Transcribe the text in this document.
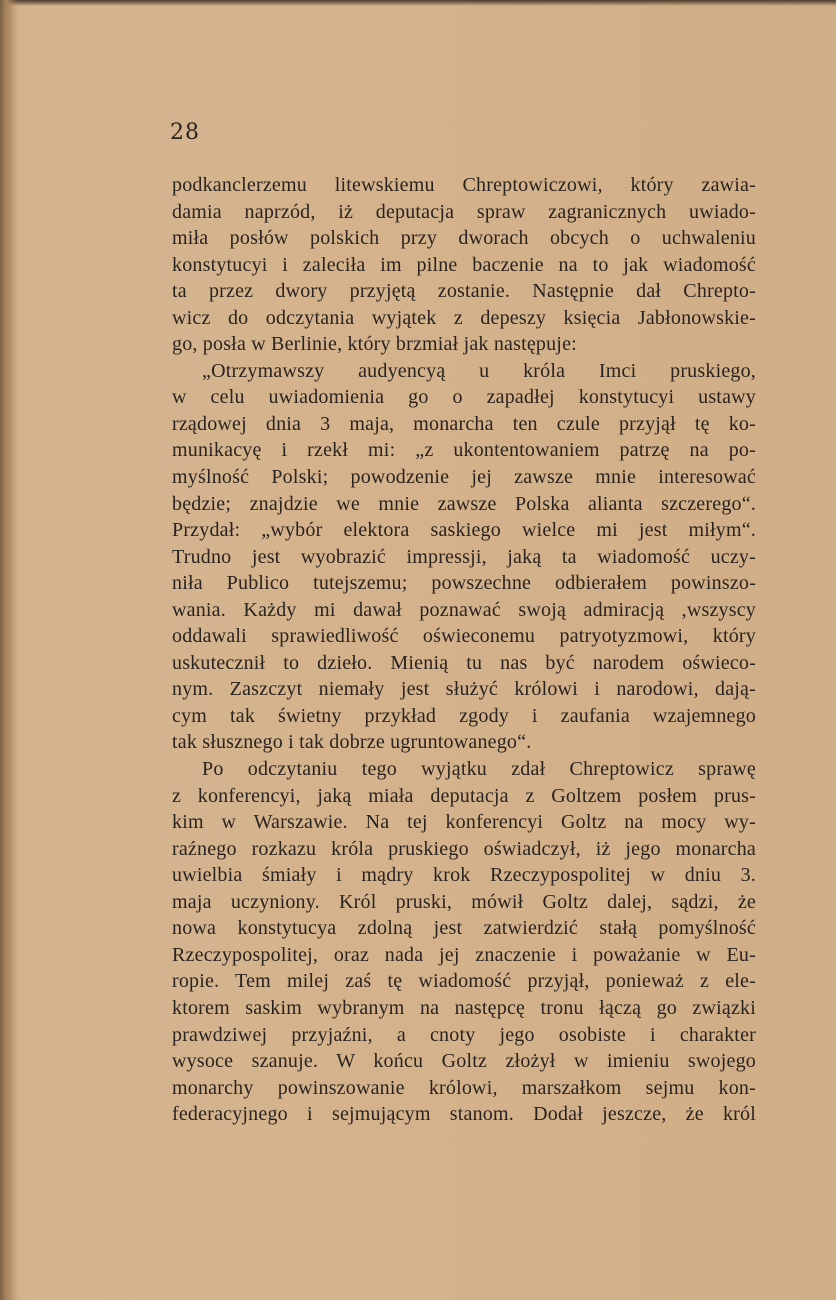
28
podkanclerzemu litewskiemu Chreptowiczowi, który zawia-
damia naprzód, iż deputacja spraw zagranicznych uwiado-
miła posłów polskich przy dworach obcych o uchwaleniu
konstytucyi i zaleciła im pilne baczenie na to jak wiadomość
ta przez dwory przyjętą zostanie. Następnie dał Chrepto-
wicz do odczytania wyjątek z depeszy księcia Jabłonowskie-
go, posła w Berlinie, który brzmiał jak następuje:
„Otrzymawszy audyencyą u króla Imci pruskiego,
w celu uwiadomienia go o zapadłej konstytucyi ustawy
rządowej dnia 3 maja, monarcha ten czule przyjął tę ko-
munikacyę i rzekł mi: „z ukontentowaniem patrzę na po-
myślność Polski; powodzenie jej zawsze mnie interesować
będzie; znajdzie we mnie zawsze Polska alianta szczerego“.
Przydał: „wybór elektora saskiego wielce mi jest miłym“.
Trudno jest wyobrazić impressji, jaką ta wiadomość uczy-
niła Publico tutejszemu; powszechne odbierałem powinszo-
wania. Każdy mi dawał poznawać swoją admiracją ,wszyscy
oddawali sprawiedliwość oświeconemu patryotyzmowi, który
uskutecznił to dzieło. Mienią tu nas być narodem oświeco-
nym. Zaszczyt niemały jest służyć królowi i narodowi, dają-
cym tak świetny przykład zgody i zaufania wzajemnego
tak słusznego i tak dobrze ugruntowanego“.
Po odczytaniu tego wyjątku zdał Chreptowicz sprawę
z konferencyi, jaką miała deputacja z Goltzem posłem prus-
kim w Warszawie. Na tej konferencyi Goltz na mocy wy-
raźnego rozkazu króla pruskiego oświadczył, iż jego monarcha
uwielbia śmiały i mądry krok Rzeczypospolitej w dniu 3.
maja uczyniony. Król pruski, mówił Goltz dalej, sądzi, że
nowa konstytucya zdolną jest zatwierdzić stałą pomyślność
Rzeczypospolitej, oraz nada jej znaczenie i poważanie w Eu-
ropie. Tem milej zaś tę wiadomość przyjął, ponieważ z ele-
ktorem saskim wybranym na następcę tronu łączą go związki
prawdziwej przyjaźni, a cnoty jego osobiste i charakter
wysoce szanuje. W końcu Goltz złożył w imieniu swojego
monarchy powinszowanie królowi, marszałkom sejmu kon-
federacyjnego i sejmującym stanom. Dodał jeszcze, że król
